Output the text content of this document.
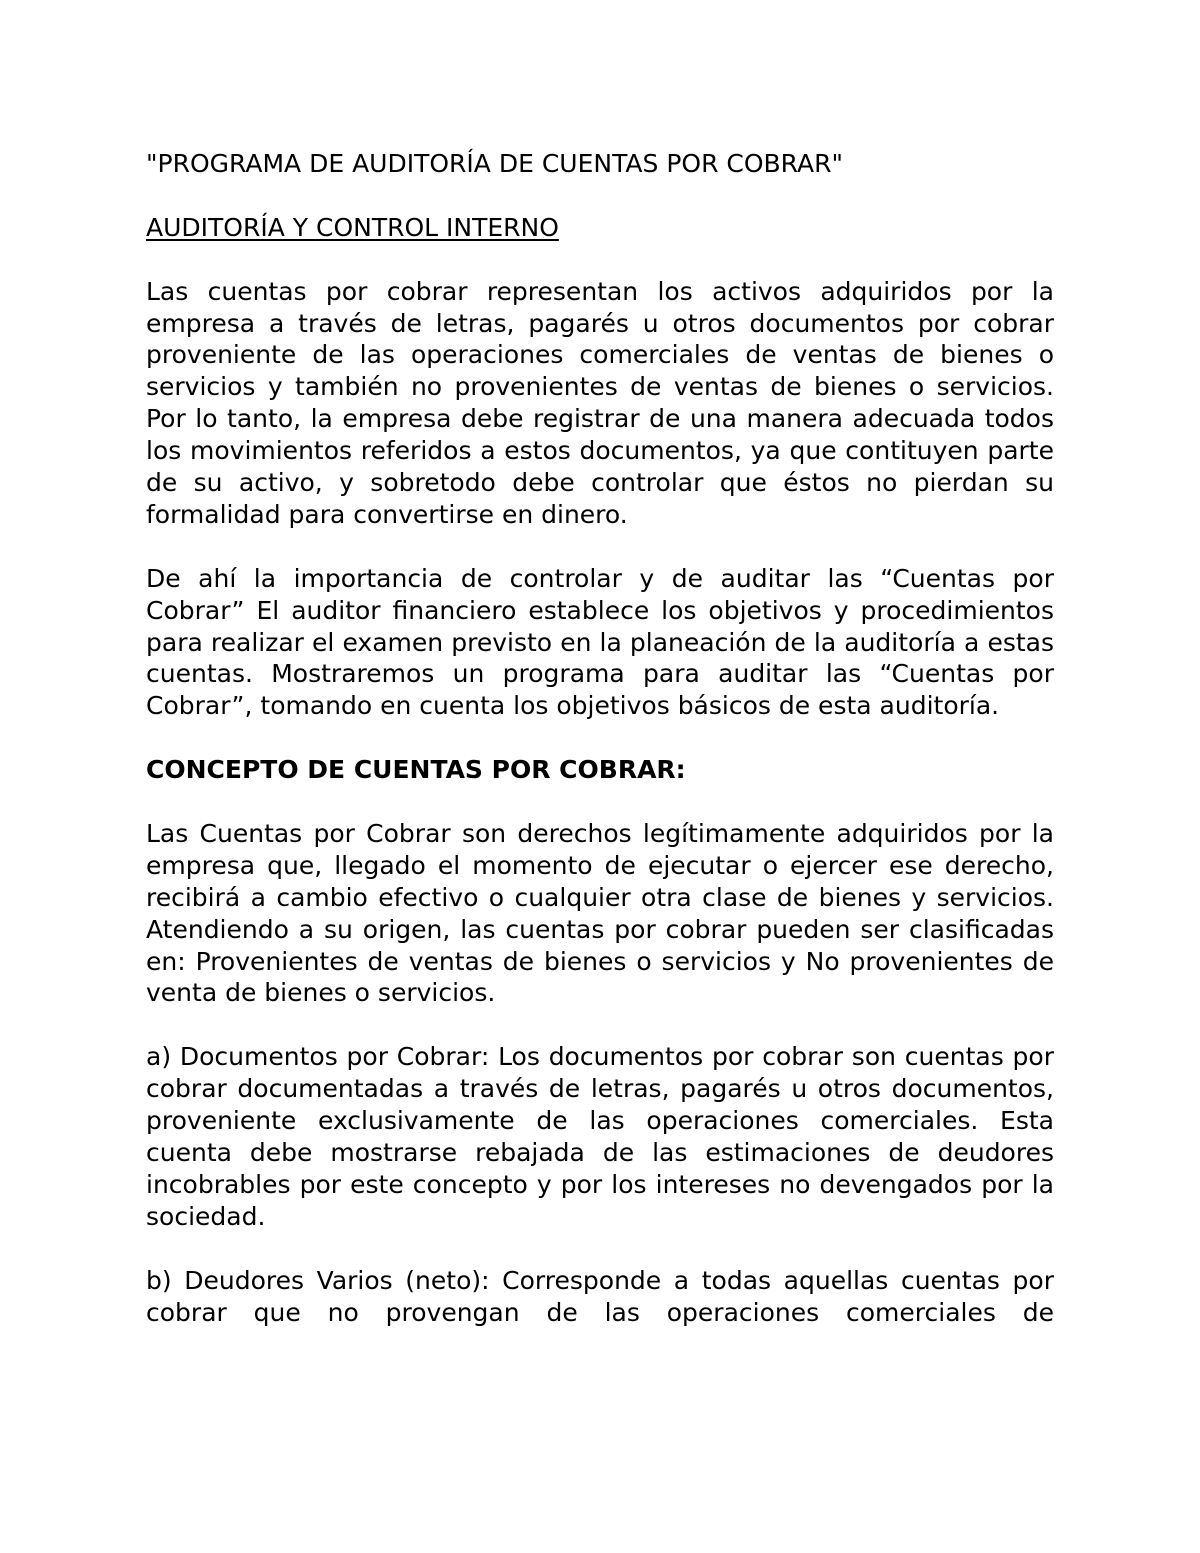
"PROGRAMA DE AUDITORÍA DE CUENTAS POR COBRAR"

AUDITORÍA Y CONTROL INTERNO

Las cuentas por cobrar representan los activos adquiridos por la empresa a través de letras, pagarés u otros documentos por cobrar proveniente de las operaciones comerciales de ventas de bienes o servicios y también no provenientes de ventas de bienes o servicios. Por lo tanto, la empresa debe registrar de una manera adecuada todos los movimientos referidos a estos documentos, ya que contituyen parte de su activo, y sobretodo debe controlar que éstos no pierdan su formalidad para convertirse en dinero.

De ahí la importancia de controlar y de auditar las “Cuentas por Cobrar” El auditor financiero establece los objetivos y procedimientos para realizar el examen previsto en la planeación de la auditoría a estas cuentas. Mostraremos un programa para auditar las “Cuentas por Cobrar”, tomando en cuenta los objetivos básicos de esta auditoría.

CONCEPTO DE CUENTAS POR COBRAR:

Las Cuentas por Cobrar son derechos legítimamente adquiridos por la empresa que, llegado el momento de ejecutar o ejercer ese derecho, recibirá a cambio efectivo o cualquier otra clase de bienes y servicios. Atendiendo a su origen, las cuentas por cobrar pueden ser clasificadas en: Provenientes de ventas de bienes o servicios y No provenientes de venta de bienes o servicios.

a) Documentos por Cobrar: Los documentos por cobrar son cuentas por cobrar documentadas a través de letras, pagarés u otros documentos, proveniente exclusivamente de las operaciones comerciales. Esta cuenta debe mostrarse rebajada de las estimaciones de deudores incobrables por este concepto y por los intereses no devengados por la sociedad.

b) Deudores Varios (neto): Corresponde a todas aquellas cuentas por cobrar que no provengan de las operaciones comerciales de
